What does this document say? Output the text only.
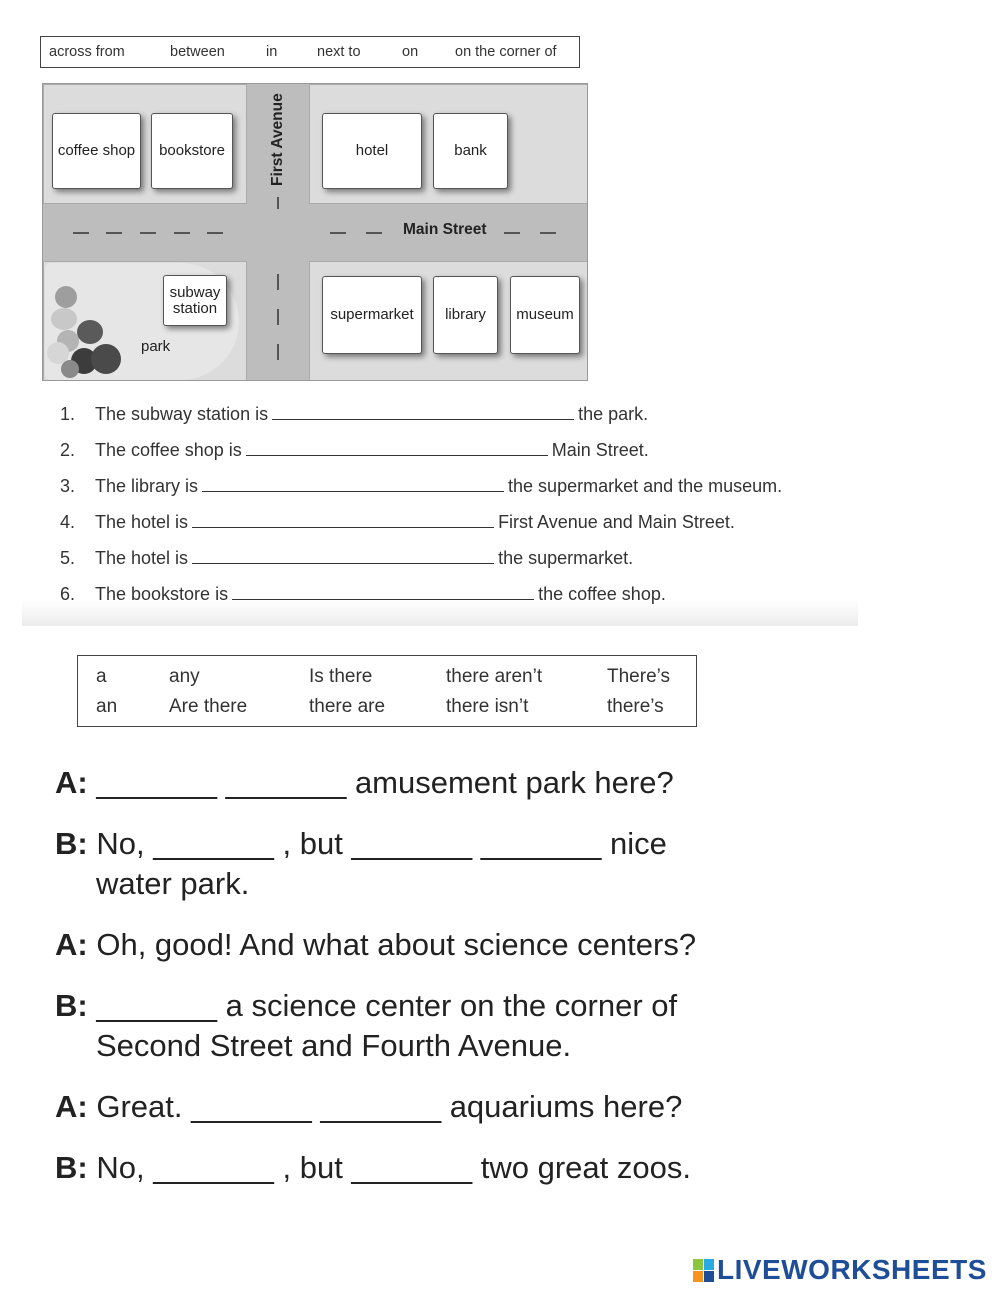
across from	between	in	next to	on	on the corner of
Main Street
First Avenue
coffee shop	bookstore	hotel	bank
park
subway
station	supermarket	library	museum
1. The subway station is	the park.
2. The coffee shop is	Main Street.
3. The library is	the supermarket and the museum.
4. The hotel is	First Avenue and Main Street.
5. The hotel is	the supermarket.
6. The bookstore is	the coffee shop.
a	any	Is there	there aren’t	There’s
an	Are there	there are	there isn’t	there’s
A: _______ _______ amusement park here?
B: No, _______ , but _______ _______ nice
water park.
A: Oh, good! And what about science centers?
B: _______ a science center on the corner of
Second Street and Fourth Avenue.
A: Great. _______ _______ aquariums here?
B: No, _______ , but _______ two great zoos.
LIVEWORKSHEETS
